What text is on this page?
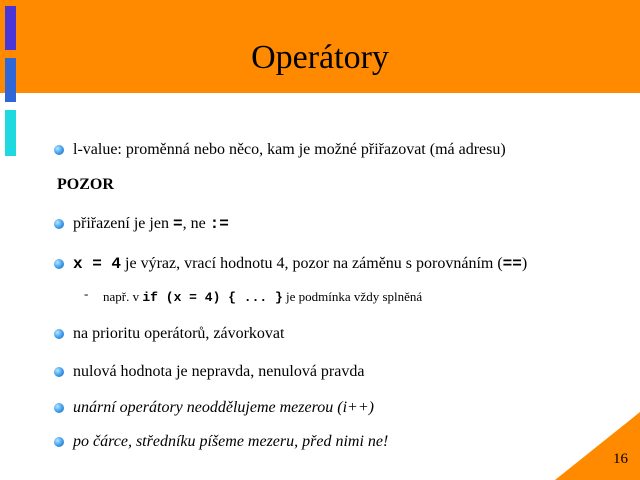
Operátory
l-value: proměnná nebo něco, kam je možné přiřazovat (má adresu)
POZOR
přiřazení je jen =, ne :=
x = 4 je výraz, vrací hodnotu 4, pozor na záměnu s porovnáním (==)
- např. v if (x = 4) { ... } je podmínka vždy splněná
na prioritu operátorů, závorkovat
nulová hodnota je nepravda, nenulová pravda
unární operátory neoddělujeme mezerou (i++)
po čárce, středníku píšeme mezeru, před nimi ne!
16
